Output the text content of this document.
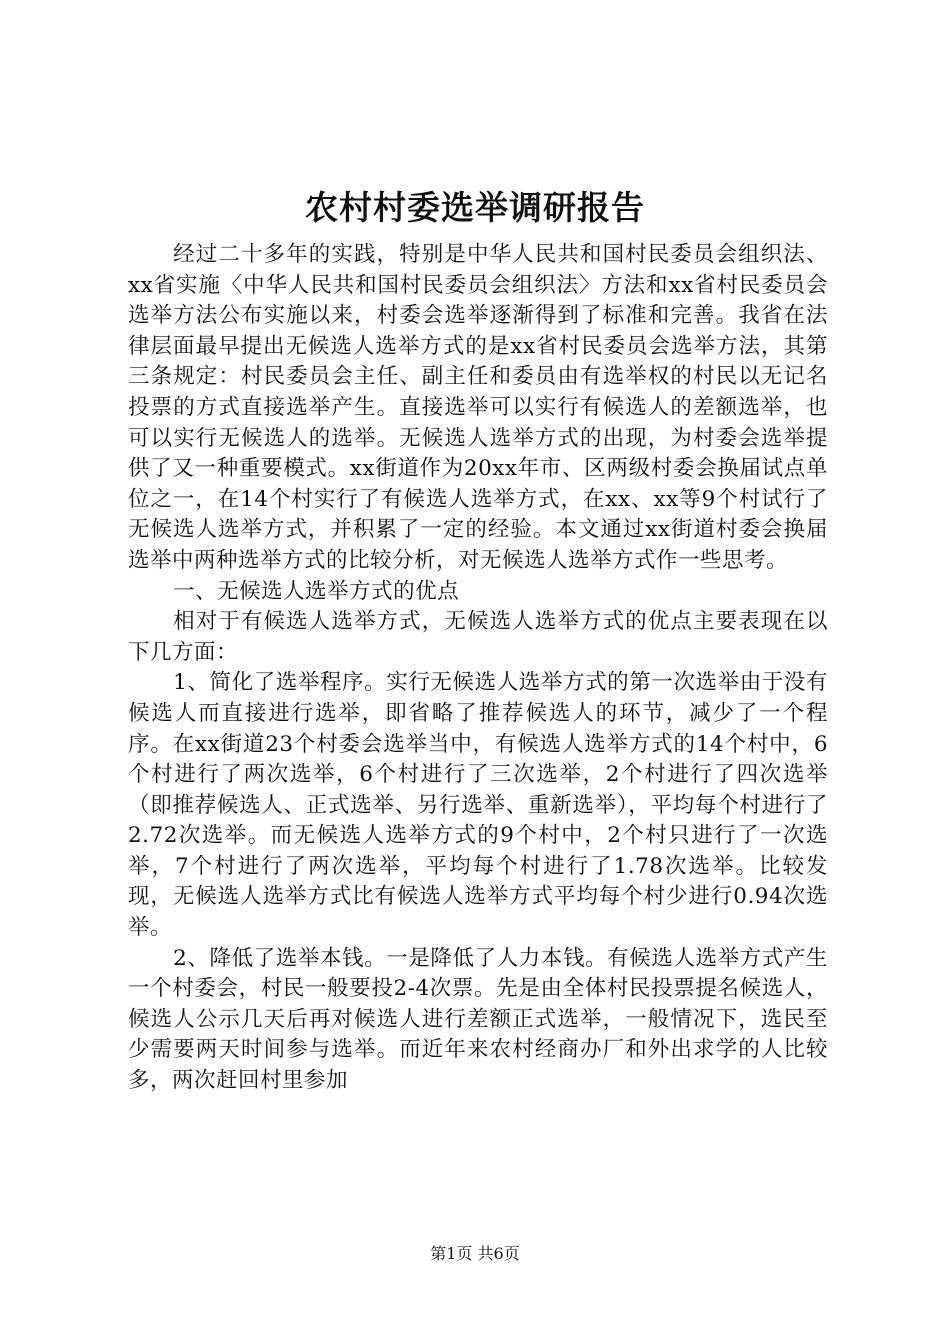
农村村委选举调研报告

经过二十多年的实践，特别是中华人民共和国村民委员会组织法、xx省实施〈中华人民共和国村民委员会组织法〉方法和xx省村民委员会选举方法公布实施以来，村委会选举逐渐得到了标准和完善。我省在法律层面最早提出无候选人选举方式的是xx省村民委员会选举方法，其第三条规定：村民委员会主任、副主任和委员由有选举权的村民以无记名投票的方式直接选举产生。直接选举可以实行有候选人的差额选举，也可以实行无候选人的选举。无候选人选举方式的出现，为村委会选举提供了又一种重要模式。xx街道作为20xx年市、区两级村委会换届试点单位之一，在14个村实行了有候选人选举方式，在xx、xx等9个村试行了无候选人选举方式，并积累了一定的经验。本文通过xx街道村委会换届选举中两种选举方式的比较分析，对无候选人选举方式作一些思考。

一、无候选人选举方式的优点

相对于有候选人选举方式，无候选人选举方式的优点主要表现在以下几方面：

1、简化了选举程序。实行无候选人选举方式的第一次选举由于没有候选人而直接进行选举，即省略了推荐候选人的环节，减少了一个程序。在xx街道23个村委会选举当中，有候选人选举方式的14个村中，6个村进行了两次选举，6个村进行了三次选举，2个村进行了四次选举（即推荐候选人、正式选举、另行选举、重新选举），平均每个村进行了2.72次选举。而无候选人选举方式的9个村中，2个村只进行了一次选举，7个村进行了两次选举，平均每个村进行了1.78次选举。比较发现，无候选人选举方式比有候选人选举方式平均每个村少进行0.94次选举。

2、降低了选举本钱。一是降低了人力本钱。有候选人选举方式产生一个村委会，村民一般要投2-4次票。先是由全体村民投票提名候选人，候选人公示几天后再对候选人进行差额正式选举，一般情况下，选民至少需要两天时间参与选举。而近年来农村经商办厂和外出求学的人比较多，两次赶回村里参加

第1页 共6页
